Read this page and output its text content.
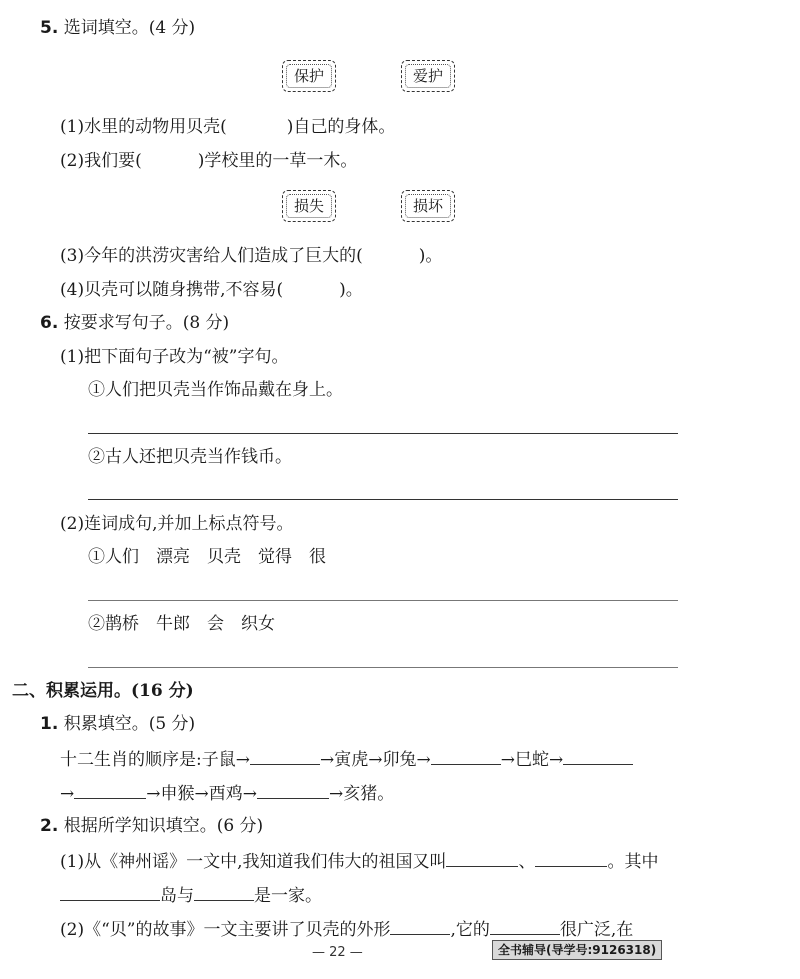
5. 选词填空。(4 分)
保护	爱护
(1)水里的动物用贝壳(	)自己的身体。
(2)我们要(	)学校里的一草一木。
损失	损坏
(3)今年的洪涝灾害给人们造成了巨大的(	)。
(4)贝壳可以随身携带,不容易(	)。
6. 按要求写句子。(8 分)
(1)把下面句子改为“被”字句。
①人们把贝壳当作饰品戴在身上。
②古人还把贝壳当作钱币。
(2)连词成句,并加上标点符号。
①人们　漂亮　贝壳　觉得　很
②鹊桥　牛郎　会　织女
二、积累运用。(16 分)
1. 积累填空。(5 分)
十二生肖的顺序是:子鼠→	→寅虎→卯兔→	→巳蛇→
→	→申猴→酉鸡→	→亥猪。
2. 根据所学知识填空。(6 分)
(1)从《神州谣》一文中,我知道我们伟大的祖国又叫	、	。其中
岛与	是一家。
(2)《“贝”的故事》一文主要讲了贝壳的外形	,它的	很广泛,在
— 22 —	全书辅导(导学号:9126318)
